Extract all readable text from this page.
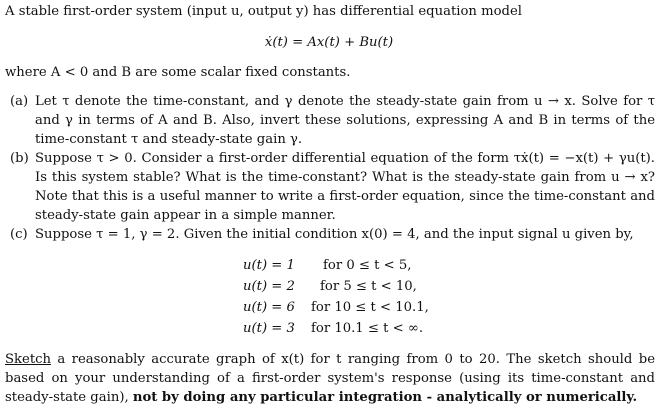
A stable first-order system (input u, output y) has differential equation model
ẋ(t) = Ax(t) + Bu(t)
where A < 0 and B are some scalar fixed constants.
(a) Let τ denote the time-constant, and γ denote the steady-state gain from u → x. Solve for τ and γ in terms of A and B. Also, invert these solutions, expressing A and B in terms of the time-constant τ and steady-state gain γ.
(b) Suppose τ > 0. Consider a first-order differential equation of the form τẋ(t) = −x(t) + γu(t). Is this system stable? What is the time-constant? What is the steady-state gain from u → x? Note that this is a useful manner to write a first-order equation, since the time-constant and steady-state gain appear in a simple manner.
(c) Suppose τ = 1, γ = 2. Given the initial condition x(0) = 4, and the input signal u given by,
u(t) = 1 for 0 ≤ t < 5,
u(t) = 2 for 5 ≤ t < 10,
u(t) = 6 for 10 ≤ t < 10.1,
u(t) = 3 for 10.1 ≤ t < ∞.
Sketch a reasonably accurate graph of x(t) for t ranging from 0 to 20. The sketch should be based on your understanding of a first-order system's response (using its time-constant and steady-state gain), not by doing any particular integration - analytically or numerically.
